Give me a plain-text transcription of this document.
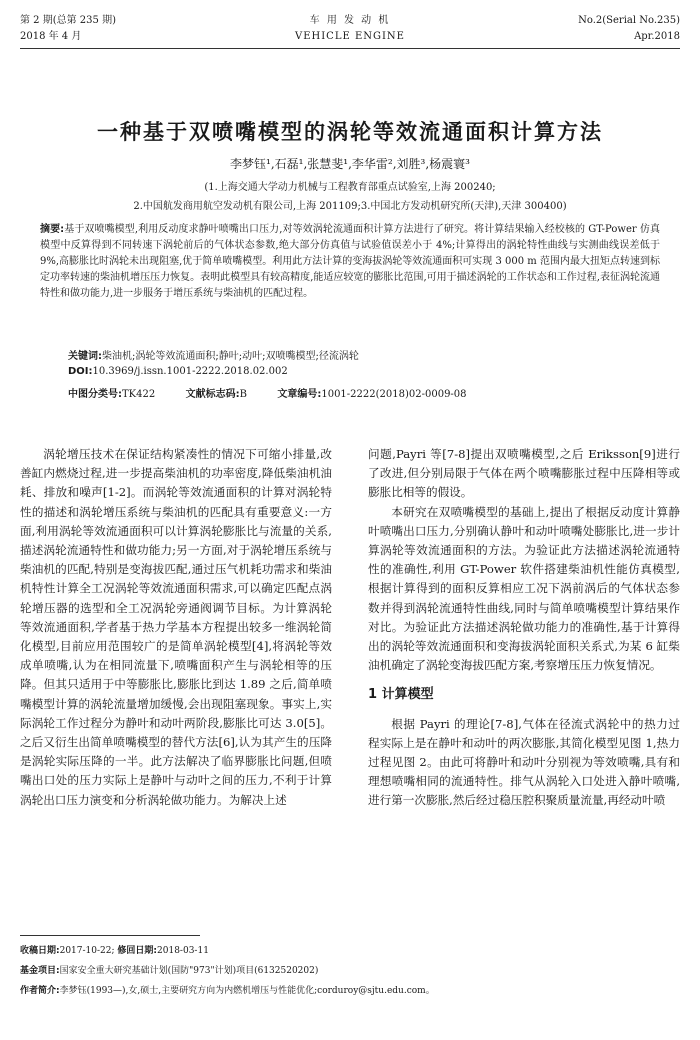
第 2 期(总第 235 期)
2018 年 4 月
车 用 发 动 机
VEHICLE ENGINE
No.2(Serial No.235)
Apr.2018
一种基于双喷嘴模型的涡轮等效流通面积计算方法
李梦钰¹,石磊¹,张慧斐¹,李华雷²,刘胜³,杨震寰³
(1.上海交通大学动力机械与工程教育部重点试验室,上海 200240;
2.中国航发商用航空发动机有限公司,上海 201109;3.中国北方发动机研究所(天津),天津 300400)
摘要:基于双喷嘴模型,利用反动度求静叶喷嘴出口压力,对等效涡轮流通面积计算方法进行了研究。将计算结果输入经校核的 GT-Power 仿真模型中反算得到不同转速下涡轮前后的气体状态参数,绝大部分仿真值与试验值误差小于 4%;计算得出的涡轮特性曲线与实测曲线误差低于 9%,高膨胀比时涡轮未出现阻塞,优于简单喷嘴模型。利用此方法计算的变海拔涡轮等效流通面积可实现 3 000 m 范围内最大扭矩点转速到标定功率转速的柴油机增压压力恢复。表明此模型具有较高精度,能适应较宽的膨胀比范围,可用于描述涡轮的工作状态和工作过程,表征涡轮流通特性和做功能力,进一步服务于增压系统与柴油机的匹配过程。
关键词:柴油机;涡轮等效流通面积;静叶;动叶;双喷嘴模型;径流涡轮
DOI:10.3969/j.issn.1001-2222.2018.02.002
中图分类号:TK422	文献标志码:B	文章编号:1001-2222(2018)02-0009-08

涡轮增压技术在保证结构紧凑性的情况下可缩小排量,改善缸内燃烧过程,进一步提高柴油机的功率密度,降低柴油机油耗、排放和噪声[1-2]。而涡轮等效流通面积的计算对涡轮特性的描述和涡轮增压系统与柴油机的匹配具有重要意义:一方面,利用涡轮等效流通面积可以计算涡轮膨胀比与流量的关系,描述涡轮流通特性和做功能力;另一方面,对于涡轮增压系统与柴油机的匹配,特别是变海拔匹配,通过压气机耗功需求和柴油机特性计算全工况涡轮等效流通面积需求,可以确定匹配点涡轮增压器的选型和全工况涡轮旁通阀调节目标。为计算涡轮等效流通面积,学者基于热力学基本方程提出较多一维涡轮简化模型,目前应用范围较广的是简单涡轮模型[4],将涡轮等效成单喷嘴,认为在相同流量下,喷嘴面积产生与涡轮相等的压降。但其只适用于中等膨胀比,膨胀比到达 1.89 之后,简单喷嘴模型计算的涡轮流量增加缓慢,会出现阻塞现象。事实上,实际涡轮工作过程分为静叶和动叶两阶段,膨胀比可达 3.0[5]。之后又衍生出简单喷嘴模型的替代方法[6],认为其产生的压降是涡轮实际压降的一半。此方法解决了临界膨胀比问题,但喷嘴出口处的压力实际上是静叶与动叶之间的压力,不利于计算涡轮出口压力演变和分析涡轮做功能力。为解决上述

问题,Payri 等[7-8]提出双喷嘴模型,之后 Eriksson[9]进行了改进,但分别局限于气体在两个喷嘴膨胀过程中压降相等或膨胀比相等的假设。

本研究在双喷嘴模型的基础上,提出了根据反动度计算静叶喷嘴出口压力,分别确认静叶和动叶喷嘴处膨胀比,进一步计算涡轮等效流通面积的方法。为验证此方法描述涡轮流通特性的准确性,利用 GT-Power 软件搭建柴油机性能仿真模型,根据计算得到的面积反算相应工况下涡前涡后的气体状态参数并得到涡轮流通特性曲线,同时与简单喷嘴模型计算结果作对比。为验证此方法描述涡轮做功能力的准确性,基于计算得出的涡轮等效流通面积和变海拔涡轮面积关系式,为某 6 缸柴油机确定了涡轮变海拔匹配方案,考察增压压力恢复情况。

1 计算模型

根据 Payri 的理论[7-8],气体在径流式涡轮中的热力过程实际上是在静叶和动叶的两次膨胀,其简化模型见图 1,热力过程见图 2。由此可将静叶和动叶分别视为等效喷嘴,具有和理想喷嘴相同的流通特性。排气从涡轮入口处进入静叶喷嘴,进行第一次膨胀,然后经过稳压腔积聚质量流量,再经动叶喷

收稿日期:2017-10-22; 修回日期:2018-03-11
基金项目:国家安全重大研究基础计划(国防"973"计划)项目(6132520202)
作者简介:李梦钰(1993—),女,硕士,主要研究方向为内燃机增压与性能优化;corduroy@sjtu.edu.com。
